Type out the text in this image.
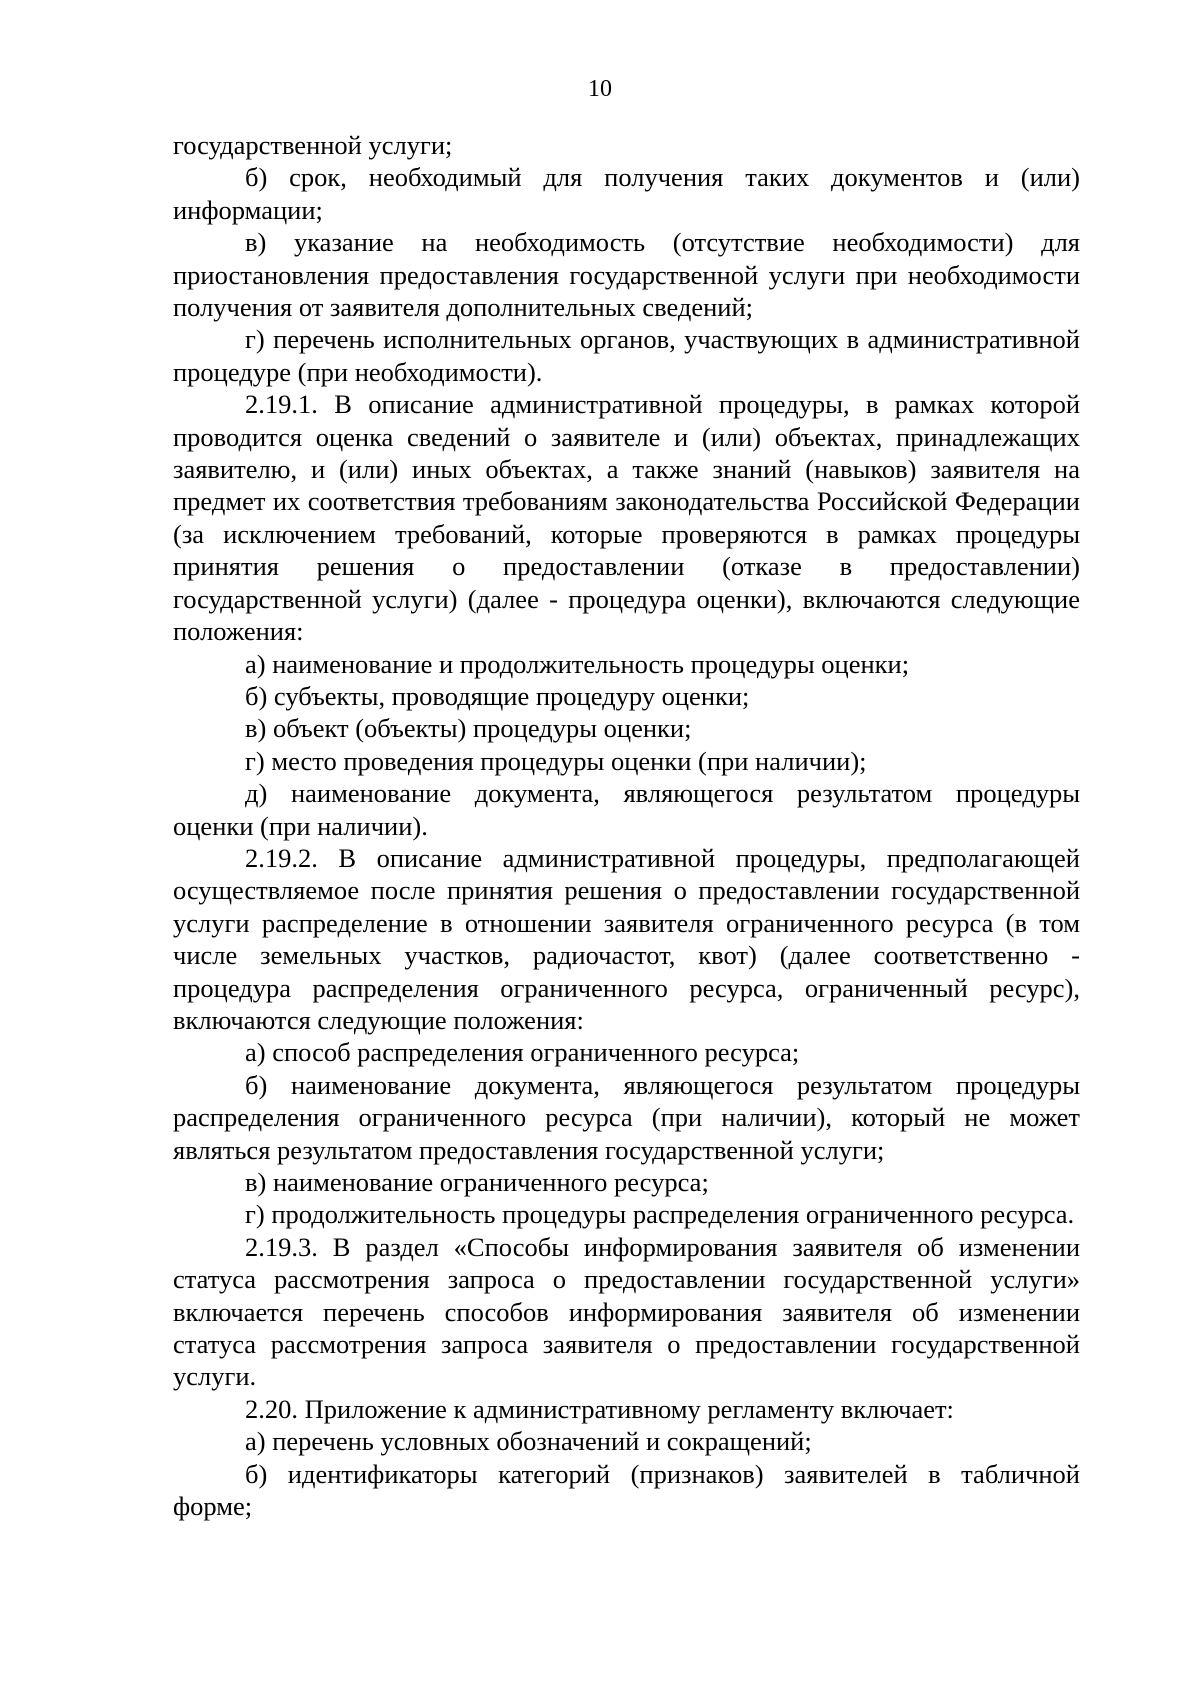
10

государственной услуги;

б) срок, необходимый для получения таких документов и (или) информации;

в) указание на необходимость (отсутствие необходимости) для приостановления предоставления государственной услуги при необходимости получения от заявителя дополнительных сведений;

г) перечень исполнительных органов, участвующих в административной процедуре (при необходимости).

2.19.1. В описание административной процедуры, в рамках которой проводится оценка сведений о заявителе и (или) объектах, принадлежащих заявителю, и (или) иных объектах, а также знаний (навыков) заявителя на предмет их соответствия требованиям законодательства Российской Федерации (за исключением требований, которые проверяются в рамках процедуры принятия решения о предоставлении (отказе в предоставлении) государственной услуги) (далее - процедура оценки), включаются следующие положения:

а) наименование и продолжительность процедуры оценки;

б) субъекты, проводящие процедуру оценки;

в) объект (объекты) процедуры оценки;

г) место проведения процедуры оценки (при наличии);

д) наименование документа, являющегося результатом процедуры оценки (при наличии).

2.19.2. В описание административной процедуры, предполагающей осуществляемое после принятия решения о предоставлении государственной услуги распределение в отношении заявителя ограниченного ресурса (в том числе земельных участков, радиочастот, квот) (далее соответственно - процедура распределения ограниченного ресурса, ограниченный ресурс), включаются следующие положения:

а) способ распределения ограниченного ресурса;

б) наименование документа, являющегося результатом процедуры распределения ограниченного ресурса (при наличии), который не может являться результатом предоставления государственной услуги;

в) наименование ограниченного ресурса;

г) продолжительность процедуры распределения ограниченного ресурса.

2.19.3. В раздел «Способы информирования заявителя об изменении статуса рассмотрения запроса о предоставлении государственной услуги» включается перечень способов информирования заявителя об изменении статуса рассмотрения запроса заявителя о предоставлении государственной услуги.

2.20. Приложение к административному регламенту включает:

а) перечень условных обозначений и сокращений;

б) идентификаторы категорий (признаков) заявителей в табличной форме;
